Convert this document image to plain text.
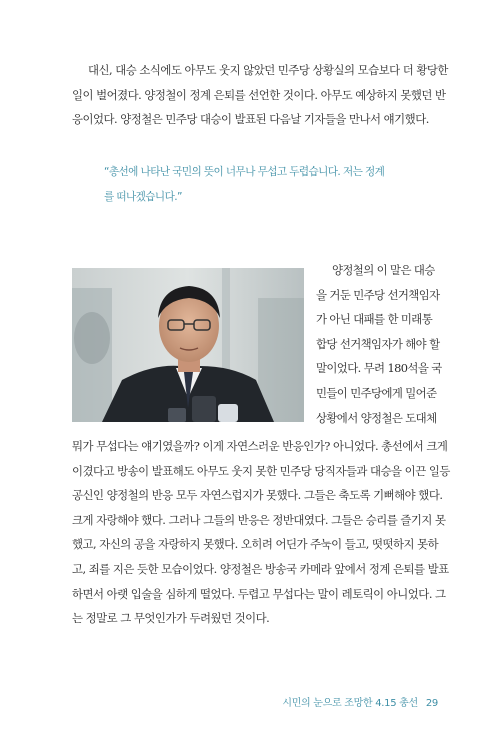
대신, 대승 소식에도 아무도 웃지 않았던 민주당 상황실의 모습보다 더 황당한
일이 벌어졌다. 양정철이 정계 은퇴를 선언한 것이다. 아무도 예상하지 못했던 반
응이었다. 양정철은 민주당 대승이 발표된 다음날 기자들을 만나서 얘기했다.

“총선에 나타난 국민의 뜻이 너무나 무섭고 두렵습니다. 저는 정계
를 떠나겠습니다.”

양정철의 이 말은 대승
을 거둔 민주당 선거책임자
가 아닌 대패를 한 미래통
합당 선거책임자가 해야 할
말이었다. 무려 180석을 국
민들이 민주당에게 밀어준
상황에서 양정철은 도대체

뭐가 무섭다는 얘기였을까? 이게 자연스러운 반응인가? 아니었다. 총선에서 크게
이겼다고 방송이 발표해도 아무도 웃지 못한 민주당 당직자들과 대승을 이끈 일등
공신인 양정철의 반응 모두 자연스럽지가 못했다. 그들은 축도록 기뻐해야 했다.
크게 자랑해야 했다. 그러나 그들의 반응은 정반대였다. 그들은 승리를 즐기지 못
했고, 자신의 공을 자랑하지 못했다. 오히려 어딘가 주눅이 들고, 떳떳하지 못하
고, 죄를 지은 듯한 모습이었다. 양정철은 방송국 카메라 앞에서 정계 은퇴를 발표
하면서 아랫 입술을 심하게 떨었다. 두렵고 무섭다는 말이 레토릭이 아니었다. 그
는 정말로 그 무엇인가가 두려웠던 것이다.

시민의 눈으로 조망한 4.15 총선 29
